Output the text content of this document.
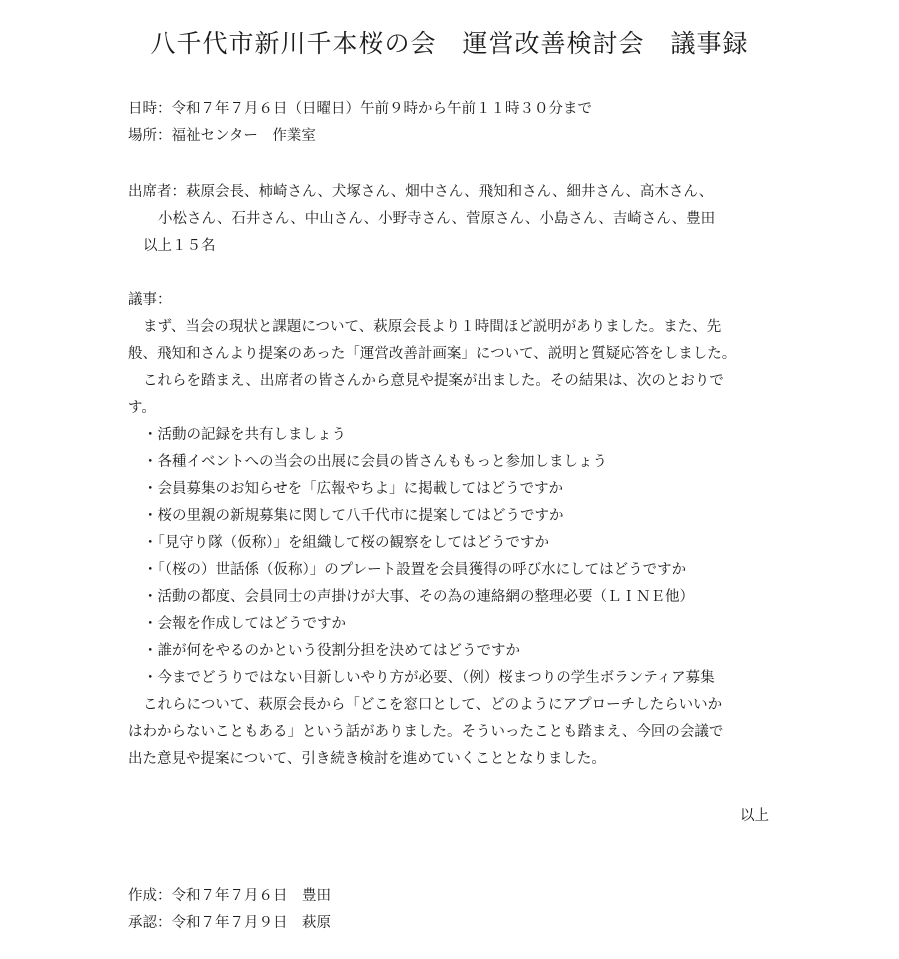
八千代市新川千本桜の会　運営改善検討会　議事録
日時：令和７年７月６日（日曜日）午前９時から午前１１時３０分まで
場所：福祉センター　作業室
出席者：萩原会長、柿崎さん、犬塚さん、畑中さん、飛知和さん、細井さん、高木さん、
小松さん、石井さん、中山さん、小野寺さん、菅原さん、小島さん、吉崎さん、豊田
以上１５名
議事：
まず、当会の現状と課題について、萩原会長より１時間ほど説明がありました。また、先
般、飛知和さんより提案のあった「運営改善計画案」について、説明と質疑応答をしました。
これらを踏まえ、出席者の皆さんから意見や提案が出ました。その結果は、次のとおりで
す。
・活動の記録を共有しましょう
・各種イベントへの当会の出展に会員の皆さんももっと参加しましょう
・会員募集のお知らせを「広報やちよ」に掲載してはどうですか
・桜の里親の新規募集に関して八千代市に提案してはどうですか
・「見守り隊（仮称）」を組織して桜の観察をしてはどうですか
・「（桜の）世話係（仮称）」のプレート設置を会員獲得の呼び水にしてはどうですか
・活動の都度、会員同士の声掛けが大事、その為の連絡網の整理必要（ＬＩＮＥ他）
・会報を作成してはどうですか
・誰が何をやるのかという役割分担を決めてはどうですか
・今までどうりではない目新しいやり方が必要、（例）桜まつりの学生ボランティア募集
これらについて、萩原会長から「どこを窓口として、どのようにアプローチしたらいいか
はわからないこともある」という話がありました。そういったことも踏まえ、今回の会議で
出た意見や提案について、引き続き検討を進めていくこととなりました。
以上
作成：令和７年７月６日　豊田
承認：令和７年７月９日　萩原
